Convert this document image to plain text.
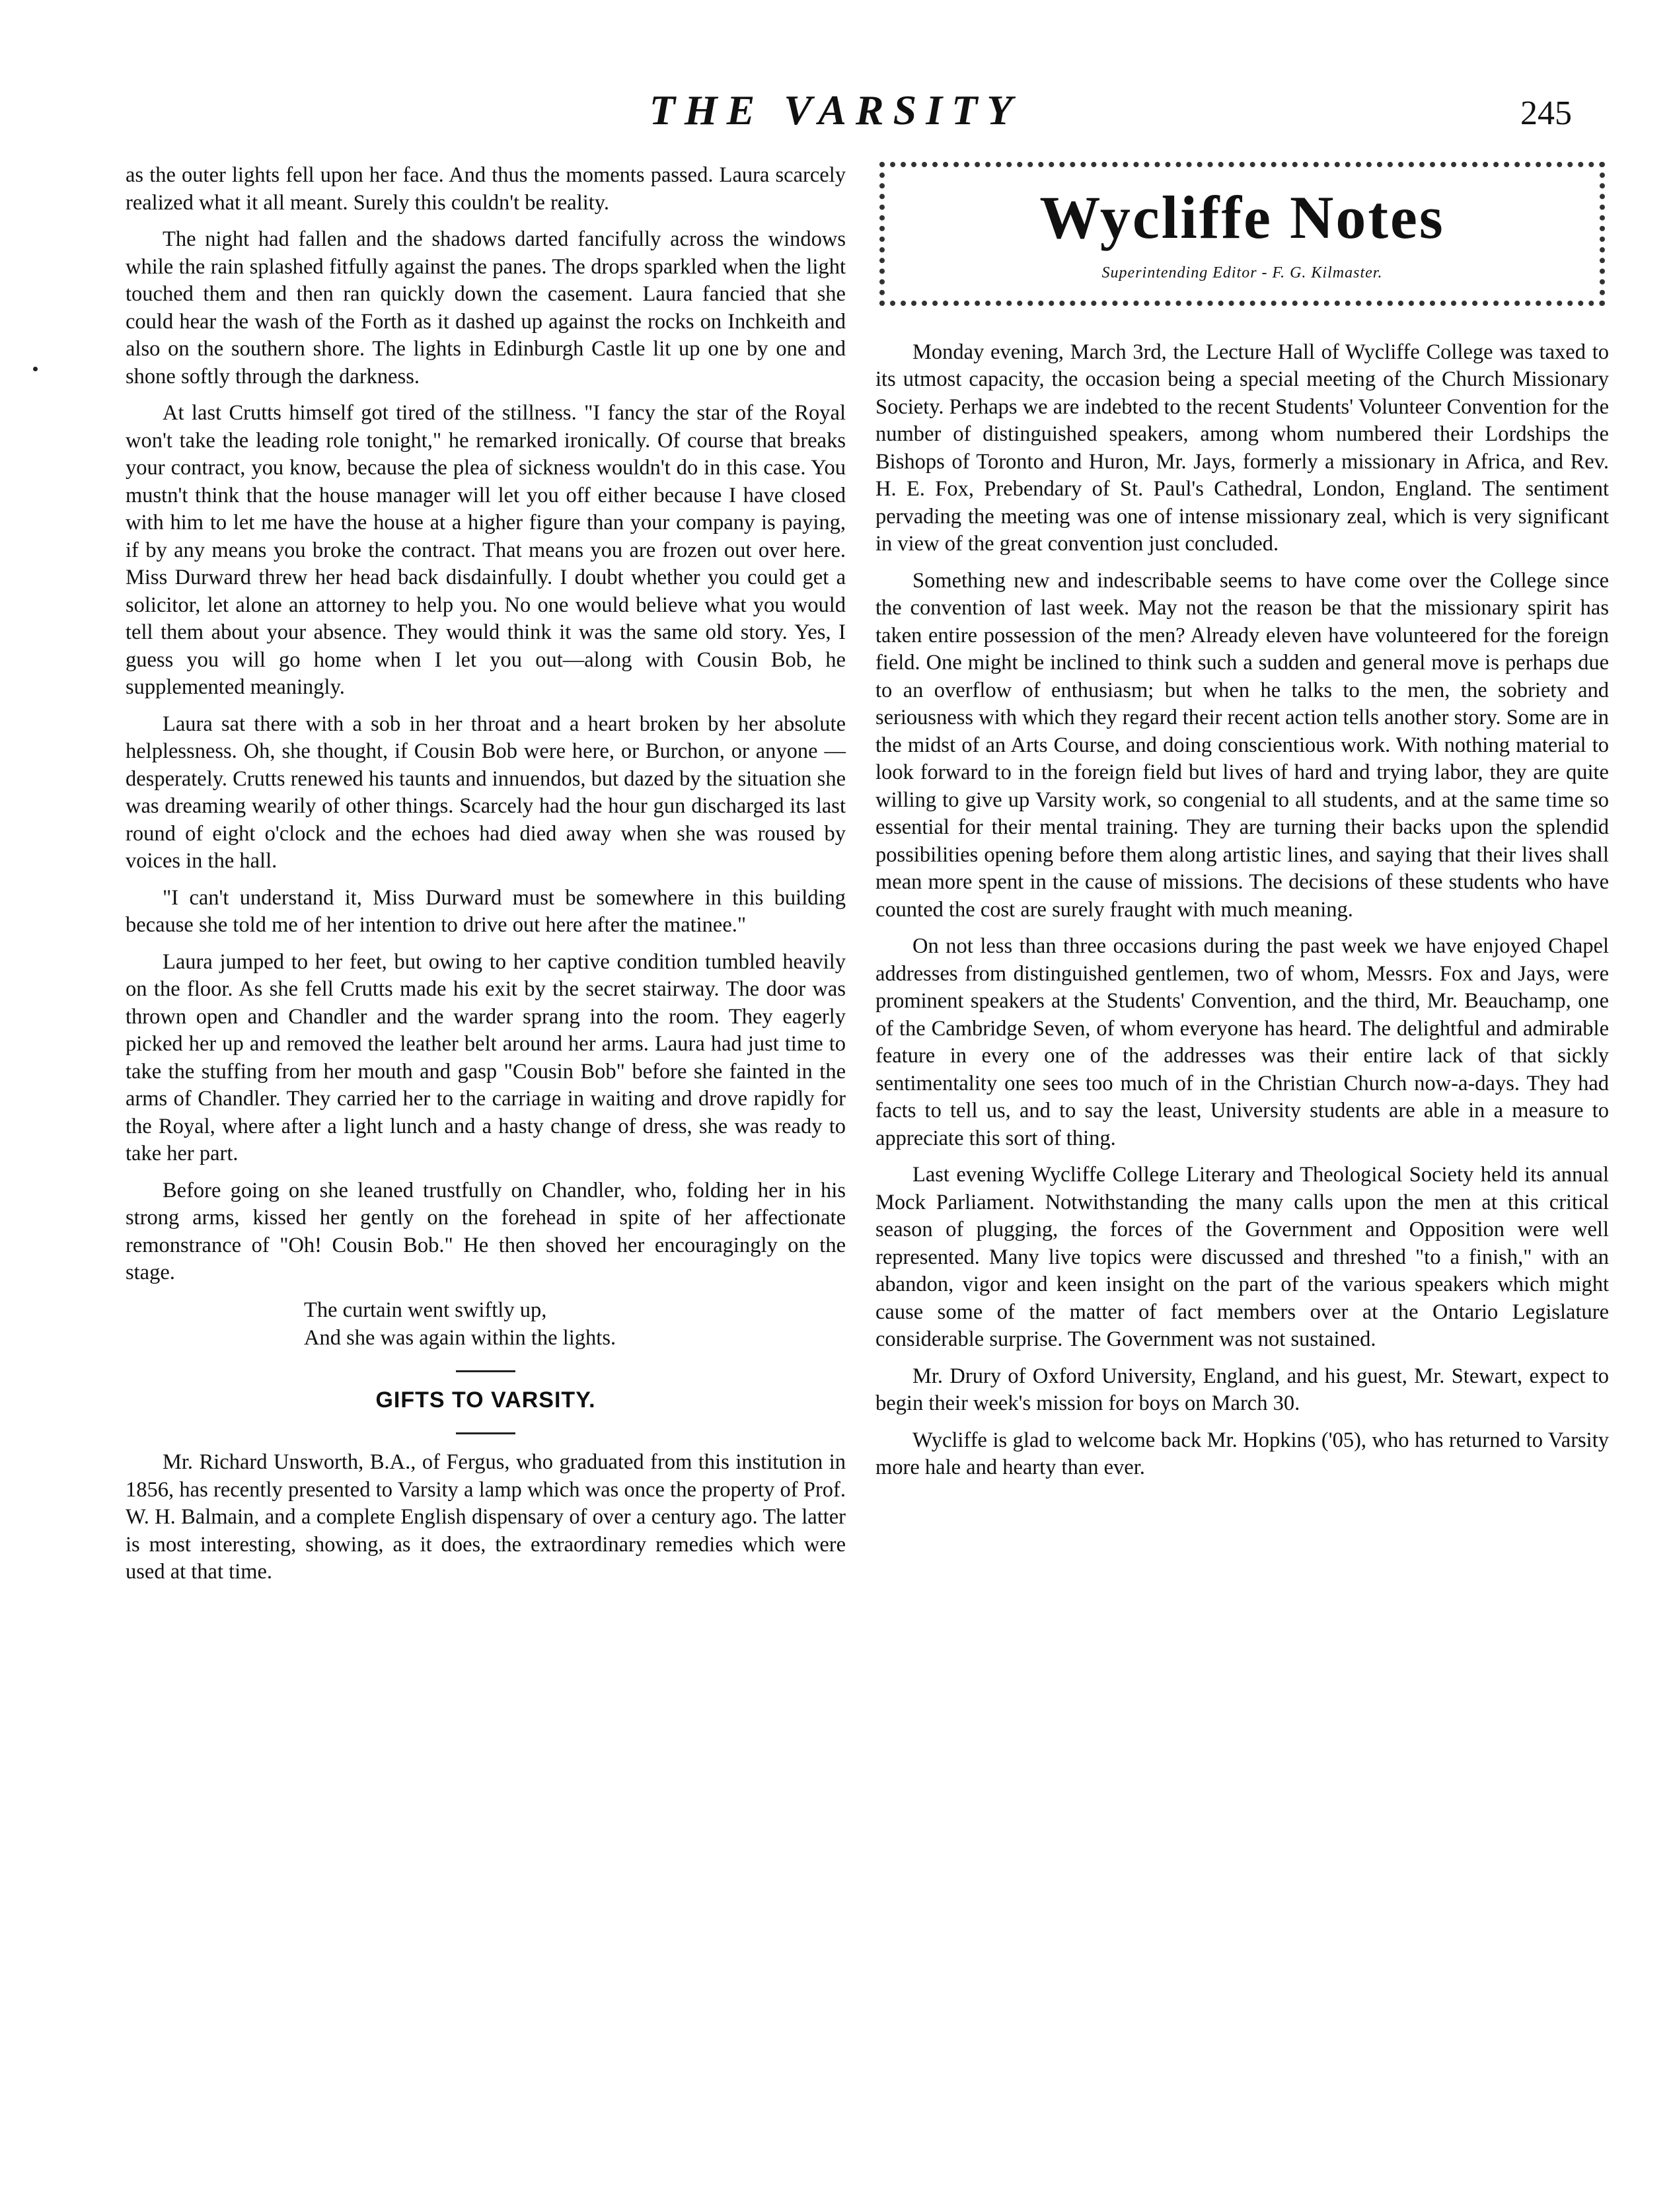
THE VARSITY	245

as the outer lights fell upon her face. And thus the moments passed. Laura scarcely realized what it all meant. Surely this couldn't be reality.

The night had fallen and the shadows darted fancifully across the windows while the rain splashed fitfully against the panes. The drops sparkled when the light touched them and then ran quickly down the casement. Laura fancied that she could hear the wash of the Forth as it dashed up against the rocks on Inchkeith and also on the southern shore. The lights in Edinburgh Castle lit up one by one and shone softly through the darkness.

At last Crutts himself got tired of the stillness. "I fancy the star of the Royal won't take the leading role tonight," he remarked ironically. Of course that breaks your contract, you know, because the plea of sickness wouldn't do in this case. You mustn't think that the house manager will let you off either because I have closed with him to let me have the house at a higher figure than your company is paying, if by any means you broke the contract. That means you are frozen out over here. Miss Durward threw her head back disdainfully. I doubt whether you could get a solicitor, let alone an attorney to help you. No one would believe what you would tell them about your absence. They would think it was the same old story. Yes, I guess you will go home when I let you out—along with Cousin Bob, he supplemented meaningly.

Laura sat there with a sob in her throat and a heart broken by her absolute helplessness. Oh, she thought, if Cousin Bob were here, or Burchon, or anyone — desperately. Crutts renewed his taunts and innuendos, but dazed by the situation she was dreaming wearily of other things. Scarcely had the hour gun discharged its last round of eight o'clock and the echoes had died away when she was roused by voices in the hall.

"I can't understand it, Miss Durward must be somewhere in this building because she told me of her intention to drive out here after the matinee."

Laura jumped to her feet, but owing to her captive condition tumbled heavily on the floor. As she fell Crutts made his exit by the secret stairway. The door was thrown open and Chandler and the warder sprang into the room. They eagerly picked her up and removed the leather belt around her arms. Laura had just time to take the stuffing from her mouth and gasp "Cousin Bob" before she fainted in the arms of Chandler. They carried her to the carriage in waiting and drove rapidly for the Royal, where after a light lunch and a hasty change of dress, she was ready to take her part.

Before going on she leaned trustfully on Chandler, who, folding her in his strong arms, kissed her gently on the forehead in spite of her affectionate remonstrance of "Oh! Cousin Bob." He then shoved her encouragingly on the stage.

The curtain went swiftly up,
And she was again within the lights.
GIFTS TO VARSITY.

Mr. Richard Unsworth, B.A., of Fergus, who graduated from this institution in 1856, has recently presented to Varsity a lamp which was once the property of Prof. W. H. Balmain, and a complete English dispensary of over a century ago. The latter is most interesting, showing, as it does, the extraordinary remedies which were used at that time.

Wycliffe Notes
Superintending Editor - F. G. Kilmaster.

Monday evening, March 3rd, the Lecture Hall of Wycliffe College was taxed to its utmost capacity, the occasion being a special meeting of the Church Missionary Society. Perhaps we are indebted to the recent Students' Volunteer Convention for the number of distinguished speakers, among whom numbered their Lordships the Bishops of Toronto and Huron, Mr. Jays, formerly a missionary in Africa, and Rev. H. E. Fox, Prebendary of St. Paul's Cathedral, London, England. The sentiment pervading the meeting was one of intense missionary zeal, which is very significant in view of the great convention just concluded.

Something new and indescribable seems to have come over the College since the convention of last week. May not the reason be that the missionary spirit has taken entire possession of the men? Already eleven have volunteered for the foreign field. One might be inclined to think such a sudden and general move is perhaps due to an overflow of enthusiasm; but when he talks to the men, the sobriety and seriousness with which they regard their recent action tells another story. Some are in the midst of an Arts Course, and doing conscientious work. With nothing material to look forward to in the foreign field but lives of hard and trying labor, they are quite willing to give up Varsity work, so congenial to all students, and at the same time so essential for their mental training. They are turning their backs upon the splendid possibilities opening before them along artistic lines, and saying that their lives shall mean more spent in the cause of missions. The decisions of these students who have counted the cost are surely fraught with much meaning.

On not less than three occasions during the past week we have enjoyed Chapel addresses from distinguished gentlemen, two of whom, Messrs. Fox and Jays, were prominent speakers at the Students' Convention, and the third, Mr. Beauchamp, one of the Cambridge Seven, of whom everyone has heard. The delightful and admirable feature in every one of the addresses was their entire lack of that sickly sentimentality one sees too much of in the Christian Church now-a-days. They had facts to tell us, and to say the least, University students are able in a measure to appreciate this sort of thing.

Last evening Wycliffe College Literary and Theological Society held its annual Mock Parliament. Notwithstanding the many calls upon the men at this critical season of plugging, the forces of the Government and Opposition were well represented. Many live topics were discussed and threshed "to a finish," with an abandon, vigor and keen insight on the part of the various speakers which might cause some of the matter of fact members over at the Ontario Legislature considerable surprise. The Government was not sustained.

Mr. Drury of Oxford University, England, and his guest, Mr. Stewart, expect to begin their week's mission for boys on March 30.

Wycliffe is glad to welcome back Mr. Hopkins ('05), who has returned to Varsity more hale and hearty than ever.
